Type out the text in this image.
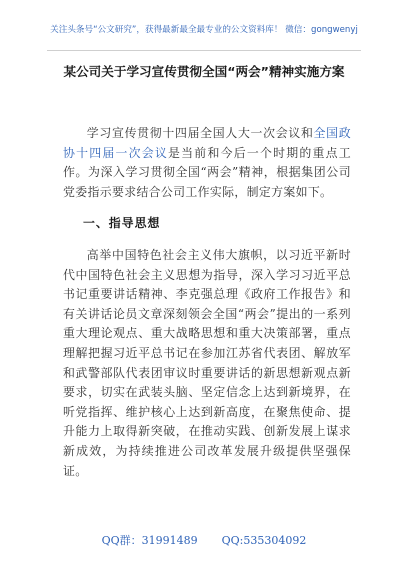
关注头条号“公文研究”，获得最新最全最专业的公文资料库！ 微信：gongwenyj
某公司关于学习宣传贯彻全国“两会”精神实施方案

学习宣传贯彻十四届全国人大一次会议和全国政协十四届一次会议是当前和今后一个时期的重点工作。为深入学习贯彻全国“两会”精神，根据集团公司党委指示要求结合公司工作实际，制定方案如下。

一、指导思想

高举中国特色社会主义伟大旗帜，以习近平新时代中国特色社会主义思想为指导，深入学习习近平总书记重要讲话精神、李克强总理《政府工作报告》和有关讲话论员文章深刻领会全国“两会”提出的一系列重大理论观点、重大战略思想和重大决策部署，重点理解把握习近平总书记在参加江苏省代表团、解放军和武警部队代表团审议时重要讲话的新思想新观点新要求，切实在武装头脑、坚定信念上达到新境界，在听党指挥、维护核心上达到新高度，在聚焦使命、提升能力上取得新突破，在推动实践、创新发展上谋求新成效，为持续推进公司改革发展升级提供坚强保证。

QQ群：31991489 QQ:535304092
